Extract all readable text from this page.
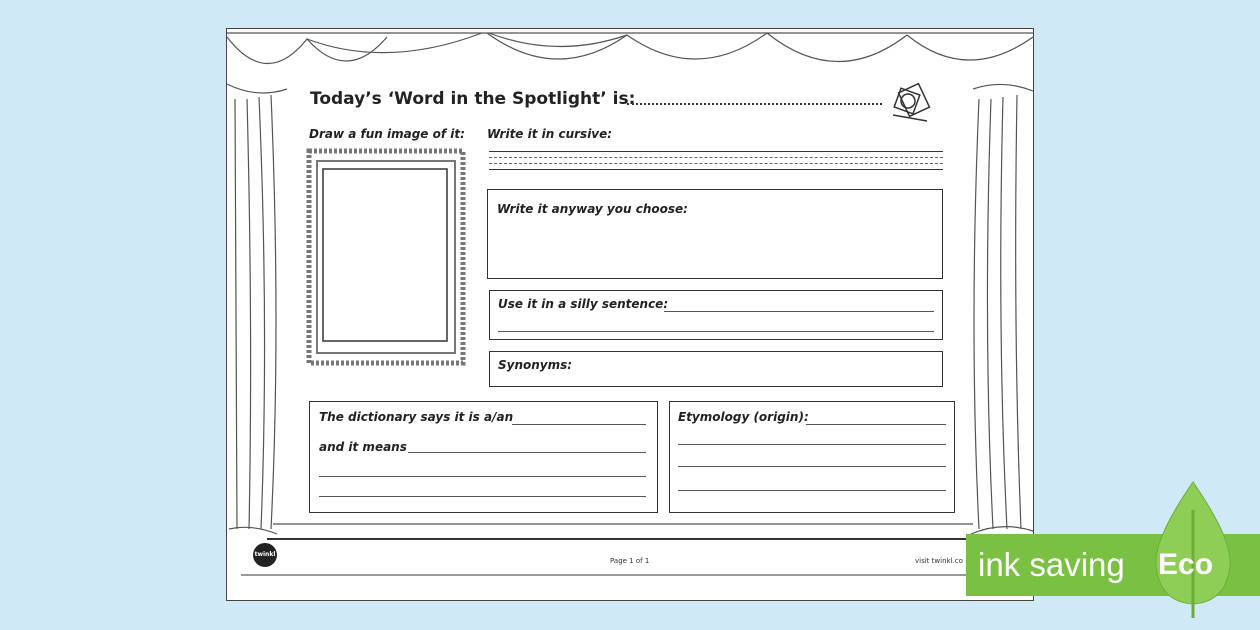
Today’s ‘Word in the Spotlight’ is:
Draw a fun image of it: Write it in cursive:
Write it anyway you choose:
Use it in a silly sentence:
Synonyms:
The dictionary says it is a/an
and it means
Etymology (origin):
twinkl
Page 1 of 1	visit twinkl.co ink saving Eco
